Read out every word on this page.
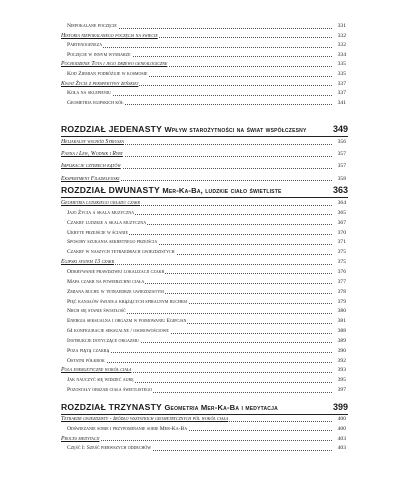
Niepokalane poczęcie	331
Historia niepokalanego poczęcia na świecie	332
Partenogeneza	332
Poczęcie w innym wymiarze	334
Pochodzenie Tota i jego drzewo genealogiczne	335
Kod Ziemian podróżuje w kosmosie	335
Kwiat Życia z perspektywy żeńskiej	337
Koła na sklepieniu	337
Geometria egipskich kół	341
ROZDZIAŁ JEDENASTY Wpływ starożytności na świat współczesny	349
Heliakalny wschód Syriusza	356
Panna i Lew, Wodnik i Ryby	357
Implikacje czterech kątów	357
Eksperyment Filadelfijski	358
ROZDZIAŁ DWUNASTY Mer-Ka-Ba, ludzkie ciało świetliste	363
Geometria ludzkiego układu czakr	364
Jajo Życia a skala muzyczna	365
Czakry ludzkie a skala muzyczna	367
Ukryte przejście w ścianie	370
Sposoby szukania sekretnego przejścia	371
Czakry w naszych tetraedrach gwiezdzistych	375
Egipski system 13 czakr	375
Odkrywanie prawdziwej lokalizacji czakr	376
Mapa czakr na powierzchni ciała	377
Zmiana ruchu w tetraedrze gwiezdzistym	378
Pięć kanałów światła krążących spiralnym ruchem	379
Nrch się stanie światłość	380
Energia seksualna i orgazm w pojmowaniu Egipcjan	381
64 konfiguracje seksualne / osobowościowe	388
Instrukcje dotyczące orgazmu	389
Poza piątą czakrą	390
Ostatni półkrok	392
Pola energetyczne wokół ciała	393
Jak nauczyć się widzieć aurę	395
Pozostały obszar ciała świetlistego	397
ROZDZIAŁ TRZYNASTY Geometria Mer-Ka-Ba i medytacja	399
Tetraedr gwiezdzisty - źródło wszystkich geometrycznych pól wokół ciała	400
Odświeżanie sobie i przypominanie sobie Mer-Ka-Ba	400
Proces medytacji	403
Część I: Sześć pierwszych oddechów	403
